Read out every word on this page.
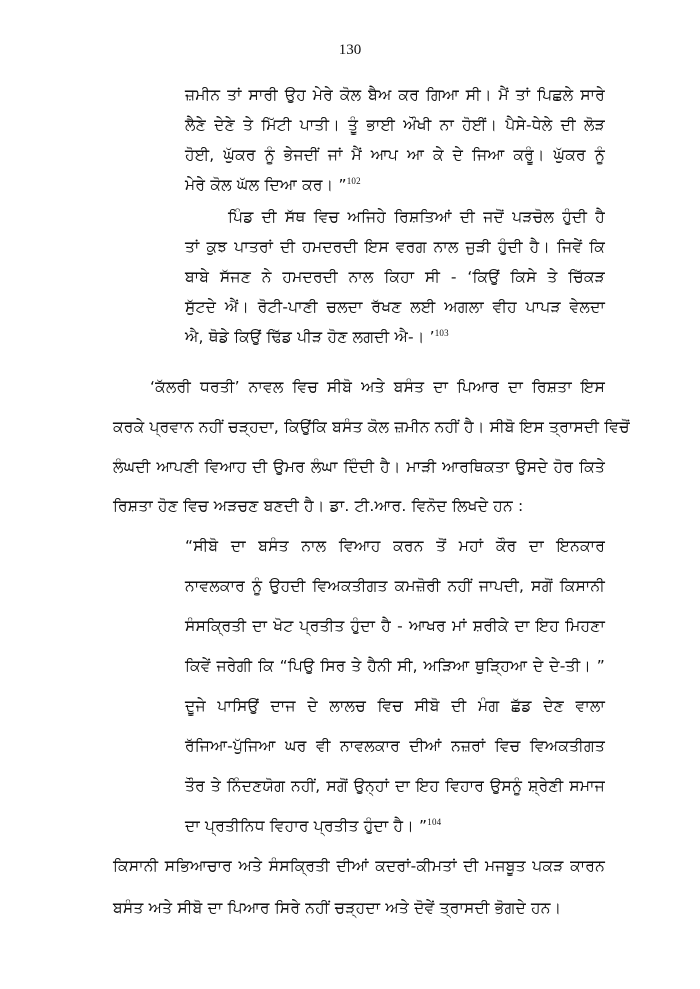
130
ਜ਼ਮੀਨ ਤਾਂ ਸਾਰੀ ਉਹ ਮੇਰੇ ਕੋਲ ਬੈਅ ਕਰ ਗਿਆ ਸੀ। ਮੈਂ ਤਾਂ ਪਿਛਲੇ ਸਾਰੇ
ਲੈਣੇ ਦੇਣੇ ਤੇ ਮਿੱਟੀ ਪਾਤੀ। ਤੂੰ ਭਾਈ ਔਖੀ ਨਾ ਹੋਈਂ। ਪੈਸੇ-ਧੇਲੇ ਦੀ ਲੋੜ
ਹੋਈ, ਘੁੱਕਰ ਨੂੰ ਭੇਜਦੀਂ ਜਾਂ ਮੈਂ ਆਪ ਆ ਕੇ ਦੇ ਜਿਆ ਕਰੂੰ। ਘੁੱਕਰ ਨੂੰ
ਮੇਰੇ ਕੋਲ ਘੱਲ ਦਿਆ ਕਰ। ”$^{102}$
ਪਿੰਡ ਦੀ ਸੱਥ ਵਿਚ ਅਜਿਹੇ ਰਿਸ਼ਤਿਆਂ ਦੀ ਜਦੋਂ ਪੜਚੋਲ ਹੁੰਦੀ ਹੈ
ਤਾਂ ਕੁਝ ਪਾਤਰਾਂ ਦੀ ਹਮਦਰਦੀ ਇਸ ਵਰਗ ਨਾਲ ਜੁੜੀ ਹੁੰਦੀ ਹੈ। ਜਿਵੇਂ ਕਿ
ਬਾਬੇ ਸੱਜਣ ਨੇ ਹਮਦਰਦੀ ਨਾਲ ਕਿਹਾ ਸੀ - ‘ਕਿਉਂ ਕਿਸੇ ਤੇ ਚਿੱਕੜ
ਸੁੱਟਦੇ ਐਂ। ਰੋਟੀ-ਪਾਣੀ ਚਲਦਾ ਰੱਖਣ ਲਈ ਅਗਲਾ ਵੀਹ ਪਾਪੜ ਵੇਲਦਾ
ਐ, ਥੋਡੇ ਕਿਉਂ ਢਿੱਡ ਪੀੜ ਹੋਣ ਲਗਦੀ ਐ-। ’$^{103}$
‘ਕੱਲਰੀ ਧਰਤੀ’ ਨਾਵਲ ਵਿਚ ਸੀਬੋ ਅਤੇ ਬਸੰਤ ਦਾ ਪਿਆਰ ਦਾ ਰਿਸ਼ਤਾ ਇਸ
ਕਰਕੇ ਪ੍ਰਵਾਨ ਨਹੀਂ ਚੜ੍ਹਦਾ, ਕਿਉਂਕਿ ਬਸੰਤ ਕੋਲ ਜ਼ਮੀਨ ਨਹੀਂ ਹੈ। ਸੀਬੋ ਇਸ ਤ੍ਰਾਸਦੀ ਵਿਚੋਂ
ਲੰਘਦੀ ਆਪਣੀ ਵਿਆਹ ਦੀ ਉਮਰ ਲੰਘਾ ਦਿੰਦੀ ਹੈ। ਮਾੜੀ ਆਰਥਿਕਤਾ ਉਸਦੇ ਹੋਰ ਕਿਤੇ
ਰਿਸ਼ਤਾ ਹੋਣ ਵਿਚ ਅੜਚਣ ਬਣਦੀ ਹੈ। ਡਾ. ਟੀ.ਆਰ. ਵਿਨੋਦ ਲਿਖਦੇ ਹਨ :
“ਸੀਬੋ ਦਾ ਬਸੰਤ ਨਾਲ ਵਿਆਹ ਕਰਨ ਤੋਂ ਮਹਾਂ ਕੌਰ ਦਾ ਇਨਕਾਰ
ਨਾਵਲਕਾਰ ਨੂੰ ਉਹਦੀ ਵਿਅਕਤੀਗਤ ਕਮਜ਼ੋਰੀ ਨਹੀਂ ਜਾਪਦੀ, ਸਗੋਂ ਕਿਸਾਨੀ
ਸੰਸਕ੍ਰਿਤੀ ਦਾ ਖੋਟ ਪ੍ਰਤੀਤ ਹੁੰਦਾ ਹੈ - ਆਖਰ ਮਾਂ ਸ਼ਰੀਕੇ ਦਾ ਇਹ ਮਿਹਣਾ
ਕਿਵੇਂ ਜਰੇਗੀ ਕਿ “ਪਿਉ ਸਿਰ ਤੇ ਹੈਨੀ ਸੀ, ਅੜਿਆ ਥੁੜ੍ਹਿਆ ਦੇ ਦੇ-ਤੀ। ”
ਦੂਜੇ ਪਾਸਿਉਂ ਦਾਜ ਦੇ ਲਾਲਚ ਵਿਚ ਸੀਬੋ ਦੀ ਮੰਗ ਛੱਡ ਦੇਣ ਵਾਲਾ
ਰੱਜਿਆ-ਪੁੱਜਿਆ ਘਰ ਵੀ ਨਾਵਲਕਾਰ ਦੀਆਂ ਨਜ਼ਰਾਂ ਵਿਚ ਵਿਅਕਤੀਗਤ
ਤੌਰ ਤੇ ਨਿੰਦਣਯੋਗ ਨਹੀਂ, ਸਗੋਂ ਉਨ੍ਹਾਂ ਦਾ ਇਹ ਵਿਹਾਰ ਉਸਨੂੰ ਸ਼੍ਰੇਣੀ ਸਮਾਜ
ਦਾ ਪ੍ਰਤੀਨਿਧ ਵਿਹਾਰ ਪ੍ਰਤੀਤ ਹੁੰਦਾ ਹੈ। ”$^{104}$
ਕਿਸਾਨੀ ਸਭਿਆਚਾਰ ਅਤੇ ਸੰਸਕ੍ਰਿਤੀ ਦੀਆਂ ਕਦਰਾਂ-ਕੀਮਤਾਂ ਦੀ ਮਜਬੂਤ ਪਕੜ ਕਾਰਨ
ਬਸੰਤ ਅਤੇ ਸੀਬੋ ਦਾ ਪਿਆਰ ਸਿਰੇ ਨਹੀਂ ਚੜ੍ਹਦਾ ਅਤੇ ਦੋਵੇਂ ਤ੍ਰਾਸਦੀ ਭੋਗਦੇ ਹਨ।
